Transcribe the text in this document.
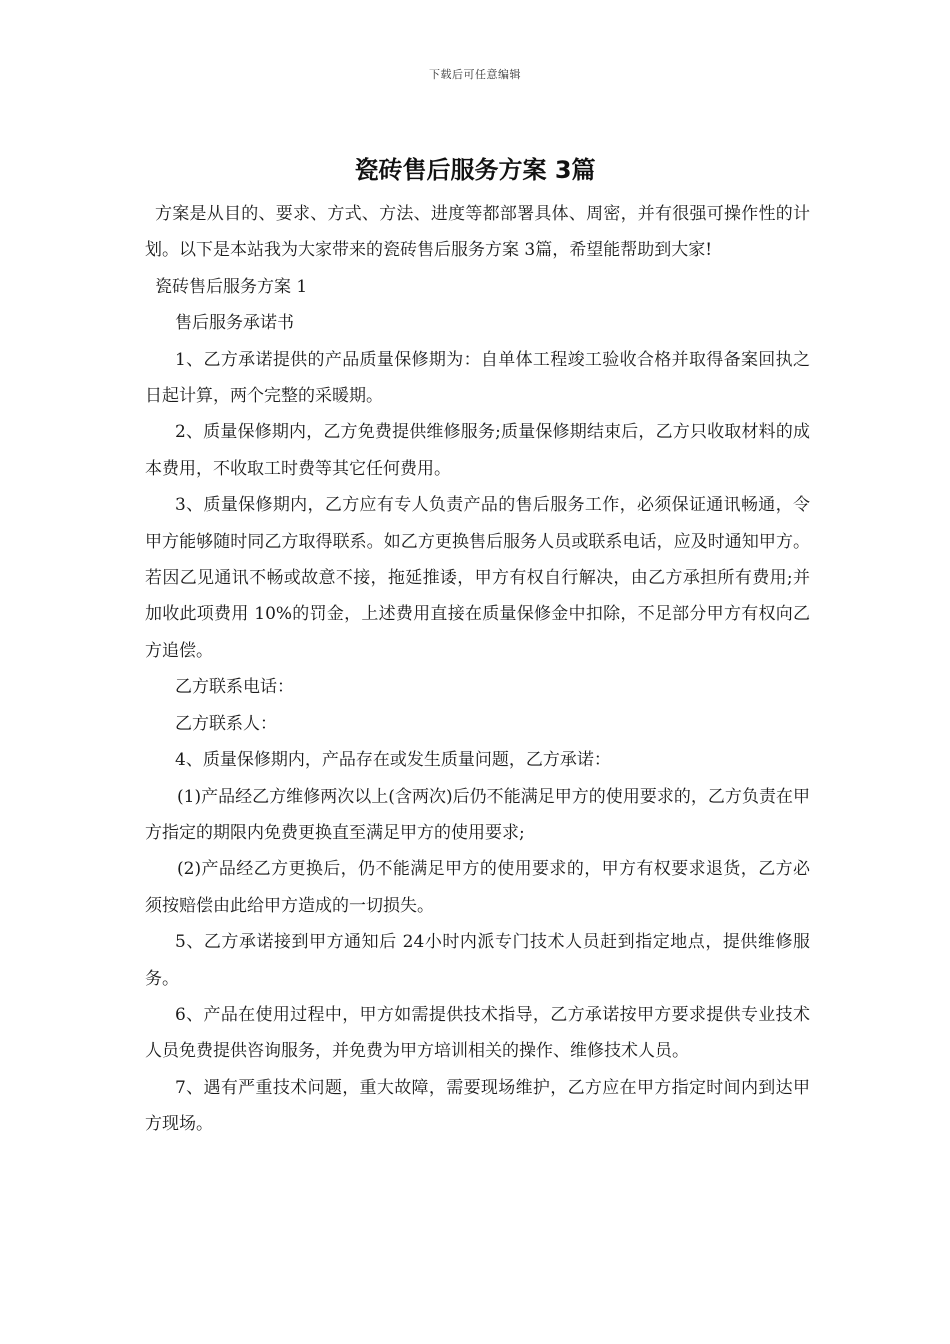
下载后可任意编辑
瓷砖售后服务方案 3篇

方案是从目的、要求、方式、方法、进度等都部署具体、周密，并有很强可操作性的计划。以下是本站我为大家带来的瓷砖售后服务方案 3篇，希望能帮助到大家!

瓷砖售后服务方案 1

售后服务承诺书

1、乙方承诺提供的产品质量保修期为：自单体工程竣工验收合格并取得备案回执之日起计算，两个完整的采暖期。

2、质量保修期内，乙方免费提供维修服务;质量保修期结束后，乙方只收取材料的成本费用，不收取工时费等其它任何费用。

3、质量保修期内，乙方应有专人负责产品的售后服务工作，必须保证通讯畅通，令甲方能够随时同乙方取得联系。如乙方更换售后服务人员或联系电话，应及时通知甲方。若因乙见通讯不畅或故意不接，拖延推诿，甲方有权自行解决，由乙方承担所有费用;并加收此项费用 10%的罚金，上述费用直接在质量保修金中扣除，不足部分甲方有权向乙方追偿。

乙方联系电话：

乙方联系人：

4、质量保修期内，产品存在或发生质量问题，乙方承诺：

(1)产品经乙方维修两次以上(含两次)后仍不能满足甲方的使用要求的，乙方负责在甲方指定的期限内免费更换直至满足甲方的使用要求;

(2)产品经乙方更换后，仍不能满足甲方的使用要求的，甲方有权要求退货，乙方必须按赔偿由此给甲方造成的一切损失。

5、乙方承诺接到甲方通知后 24小时内派专门技术人员赶到指定地点，提供维修服务。

6、产品在使用过程中，甲方如需提供技术指导，乙方承诺按甲方要求提供专业技术人员免费提供咨询服务，并免费为甲方培训相关的操作、维修技术人员。

7、遇有严重技术问题，重大故障，需要现场维护，乙方应在甲方指定时间内到达甲方现场。
